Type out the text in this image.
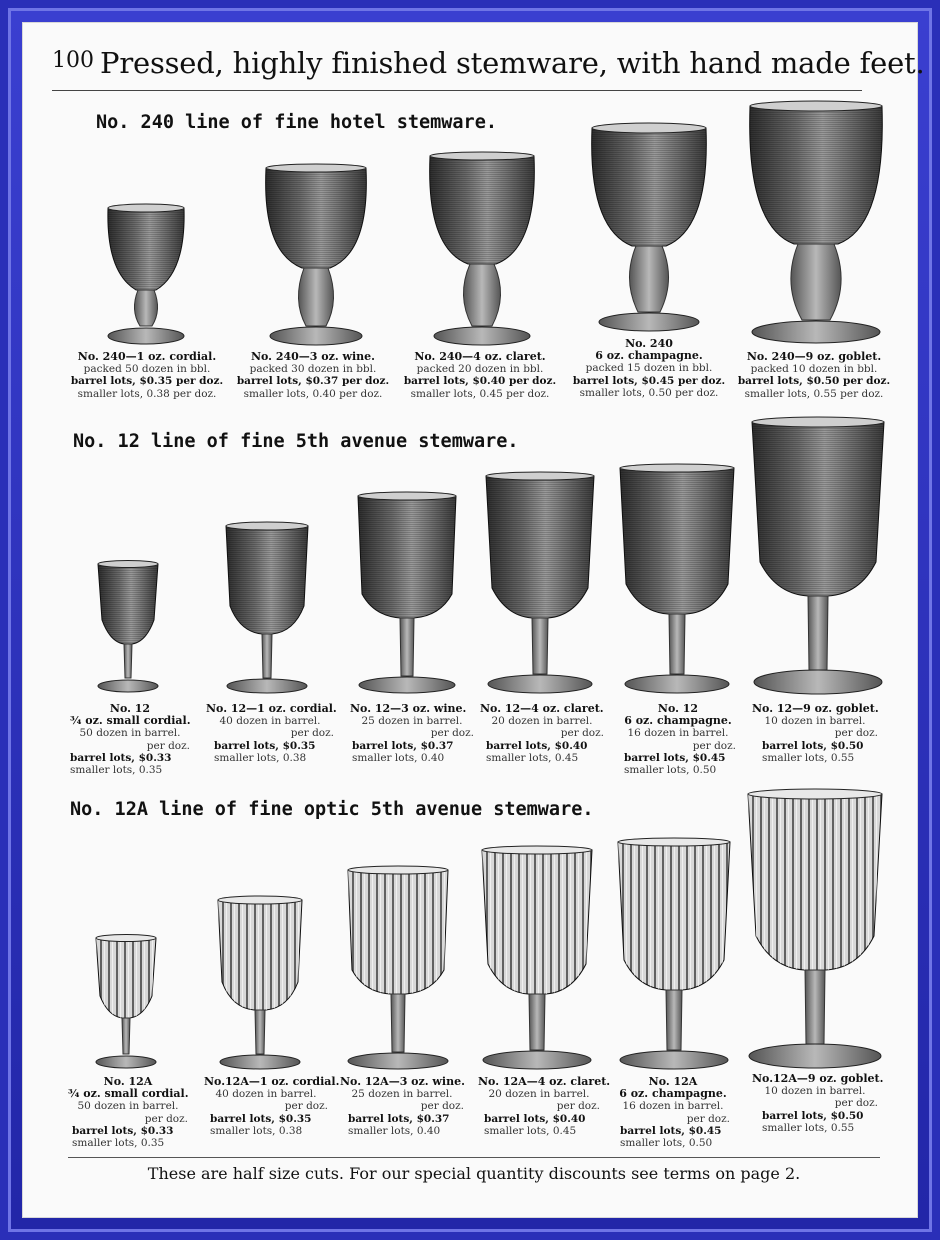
100 Pressed, highly finished stemware, with hand made feet.
No. 240 line of fine hotel stemware.
No. 12 line of fine 5th avenue stemware.
No. 12A line of fine optic 5th avenue stemware.
No. 240—1 oz. cordial.
packed 50 dozen in bbl.
barrel lots, $0.35 per doz.
smaller lots, 0.38 per doz.
No. 240—3 oz. wine.
packed 30 dozen in bbl.
barrel lots, $0.37 per doz.
smaller lots, 0.40 per doz.
No. 240—4 oz. claret.
packed 20 dozen in bbl.
barrel lots, $0.40 per doz.
smaller lots, 0.45 per doz.
No. 240
6 oz. champagne.
packed 15 dozen in bbl.
barrel lots, $0.45 per doz.
smaller lots, 0.50 per doz.
No. 240—9 oz. goblet.
packed 10 dozen in bbl.
barrel lots, $0.50 per doz.
smaller lots, 0.55 per doz.
No. 12
¾ oz. small cordial.
50 dozen in barrel.
per doz.
barrel lots, $0.33
smaller lots, 0.35
No. 12—1 oz. cordial.
40 dozen in barrel.
per doz.
barrel lots, $0.35
smaller lots, 0.38
No. 12—3 oz. wine.
25 dozen in barrel.
per doz.
barrel lots, $0.37
smaller lots, 0.40
No. 12—4 oz. claret.
20 dozen in barrel.
per doz.
barrel lots, $0.40
smaller lots, 0.45
No. 12
6 oz. champagne.
16 dozen in barrel.
per doz.
barrel lots, $0.45
smaller lots, 0.50
No. 12—9 oz. goblet.
10 dozen in barrel.
per doz.
barrel lots, $0.50
smaller lots, 0.55
No. 12A
¾ oz. small cordial.
50 dozen in barrel.
per doz.
barrel lots, $0.33
smaller lots, 0.35
No.12A—1 oz. cordial.
40 dozen in barrel.
per doz.
barrel lots, $0.35
smaller lots, 0.38
No. 12A—3 oz. wine.
25 dozen in barrel.
per doz.
barrel lots, $0.37
smaller lots, 0.40
No. 12A—4 oz. claret.
20 dozen in barrel.
per doz.
barrel lots, $0.40
smaller lots, 0.45
No. 12A
6 oz. champagne.
16 dozen in barrel.
per doz.
barrel lots, $0.45
smaller lots, 0.50
No.12A—9 oz. goblet.
10 dozen in barrel.
per doz.
barrel lots, $0.50
smaller lots, 0.55
These are half size cuts. For our special quantity discounts see terms on page 2.
